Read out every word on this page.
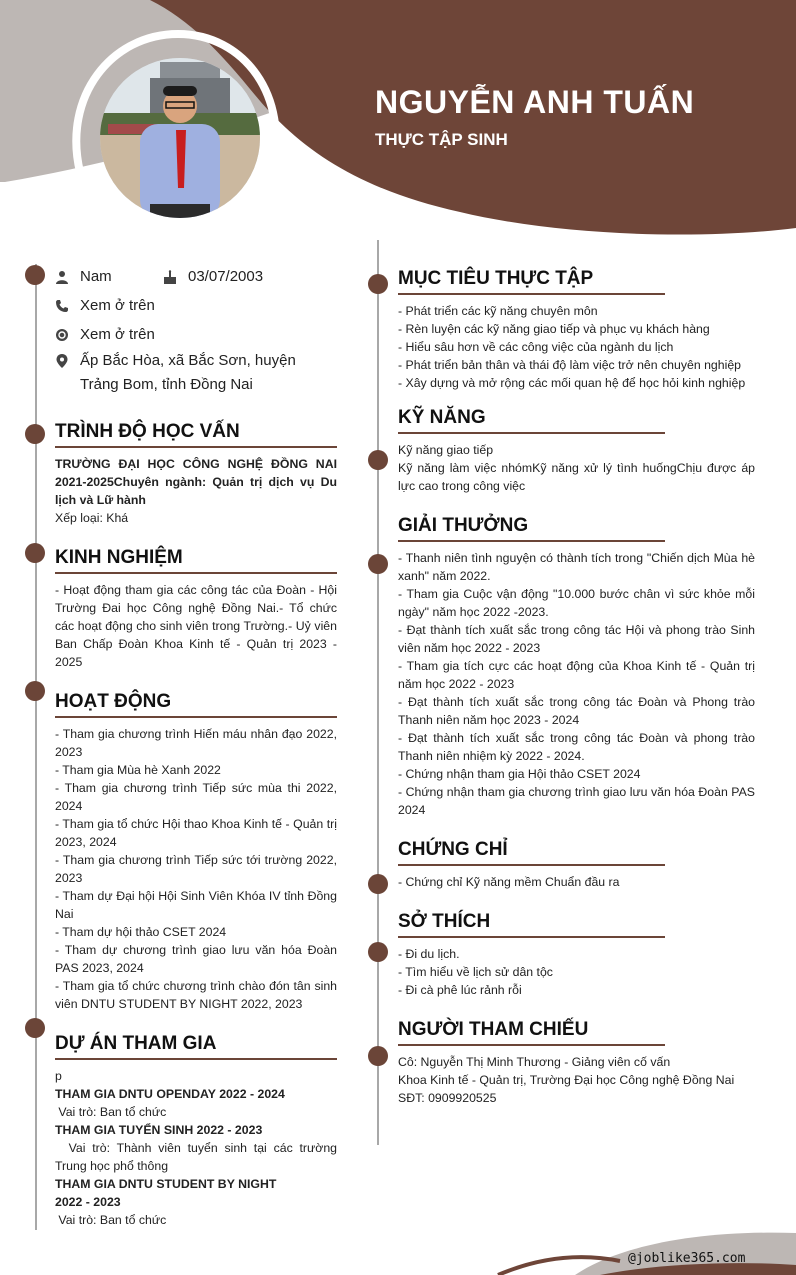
NGUYỄN ANH TUẤN
THỰC TẬP SINH
Nam	03/07/2003
Xem ở trên
Xem ở trên
Ấp Bắc Hòa, xã Bắc Sơn, huyện
Trảng Bom, tỉnh Đồng Nai
TRÌNH ĐỘ HỌC VẤN
TRƯỜNG ĐẠI HỌC CÔNG NGHỆ ĐỒNG NAI 2021-2025Chuyên ngành: Quản trị dịch vụ Du lịch và Lữ hành
Xếp loại: Khá
KINH NGHIỆM
- Hoạt động tham gia các công tác của Đoàn - Hội Trường Đai học Công nghệ Đồng Nai.- Tổ chức các hoạt động cho sinh viên trong Trường.- Uỷ viên Ban Chấp Đoàn Khoa Kinh tế - Quản trị 2023 - 2025
HOẠT ĐỘNG
- Tham gia chương trình Hiến máu nhân đạo 2022, 2023
- Tham gia Mùa hè Xanh 2022
- Tham gia chương trình Tiếp sức mùa thi 2022, 2024
- Tham gia tổ chức Hội thao Khoa Kinh tế - Quản trị 2023, 2024
- Tham gia chương trình Tiếp sức tới trường 2022, 2023
- Tham dự Đại hội Hội Sinh Viên Khóa IV tỉnh Đồng Nai
- Tham dự hội thảo CSET 2024
- Tham dự chương trình giao lưu văn hóa Đoàn PAS 2023, 2024
- Tham gia tổ chức chương trình chào đón tân sinh viên DNTU STUDENT BY NIGHT 2022, 2023
DỰ ÁN THAM GIA
p
THAM GIA DNTU OPENDAY 2022 - 2024
Vai trò: Ban tổ chức
THAM GIA TUYỂN SINH 2022 - 2023
Vai trò: Thành viên tuyển sinh tại các trường Trung học phổ thông
THAM GIA DNTU STUDENT BY NIGHT 2022 - 2023
Vai trò: Ban tổ chức
MỤC TIÊU THỰC TẬP
- Phát triển các kỹ năng chuyên môn
- Rèn luyện các kỹ năng giao tiếp và phục vụ khách hàng
- Hiểu sâu hơn về các công việc của ngành du lịch
- Phát triển bản thân và thái độ làm việc trở nên chuyên nghiệp
- Xây dựng và mở rộng các mối quan hệ để học hỏi kinh nghiệp
KỸ NĂNG
Kỹ năng giao tiếp
Kỹ năng làm việc nhómKỹ năng xử lý tình huốngChịu được áp lực cao trong công việc
GIẢI THƯỞNG
- Thanh niên tình nguyện có thành tích trong "Chiến dịch Mùa hè xanh" năm 2022.
- Tham gia Cuộc vận động "10.000 bước chân vì sức khỏe mỗi ngày" năm học 2022 -2023.
- Đạt thành tích xuất sắc trong công tác Hội và phong trào Sinh viên năm học 2022 - 2023
- Tham gia tích cực các hoạt động của Khoa Kinh tế - Quản trị năm học 2022 - 2023
- Đạt thành tích xuất sắc trong công tác Đoàn và Phong trào Thanh niên năm học 2023 - 2024
- Đạt thành tích xuất sắc trong công tác Đoàn và phong trào Thanh niên nhiệm kỳ 2022 - 2024.
- Chứng nhận tham gia Hội thảo CSET 2024
- Chứng nhận tham gia chương trình giao lưu văn hóa Đoàn PAS 2024
CHỨNG CHỈ
- Chứng chỉ Kỹ năng mềm Chuẩn đầu ra
SỞ THÍCH
- Đi du lịch.
- Tìm hiểu về lịch sử dân tộc
- Đi cà phê lúc rảnh rỗi
NGƯỜI THAM CHIẾU
Cô: Nguyễn Thị Minh Thương - Giảng viên cố vấn
Khoa Kinh tế - Quản trị, Trường Đại học Công nghệ Đồng Nai
SĐT: 0909920525
@joblike365.com
